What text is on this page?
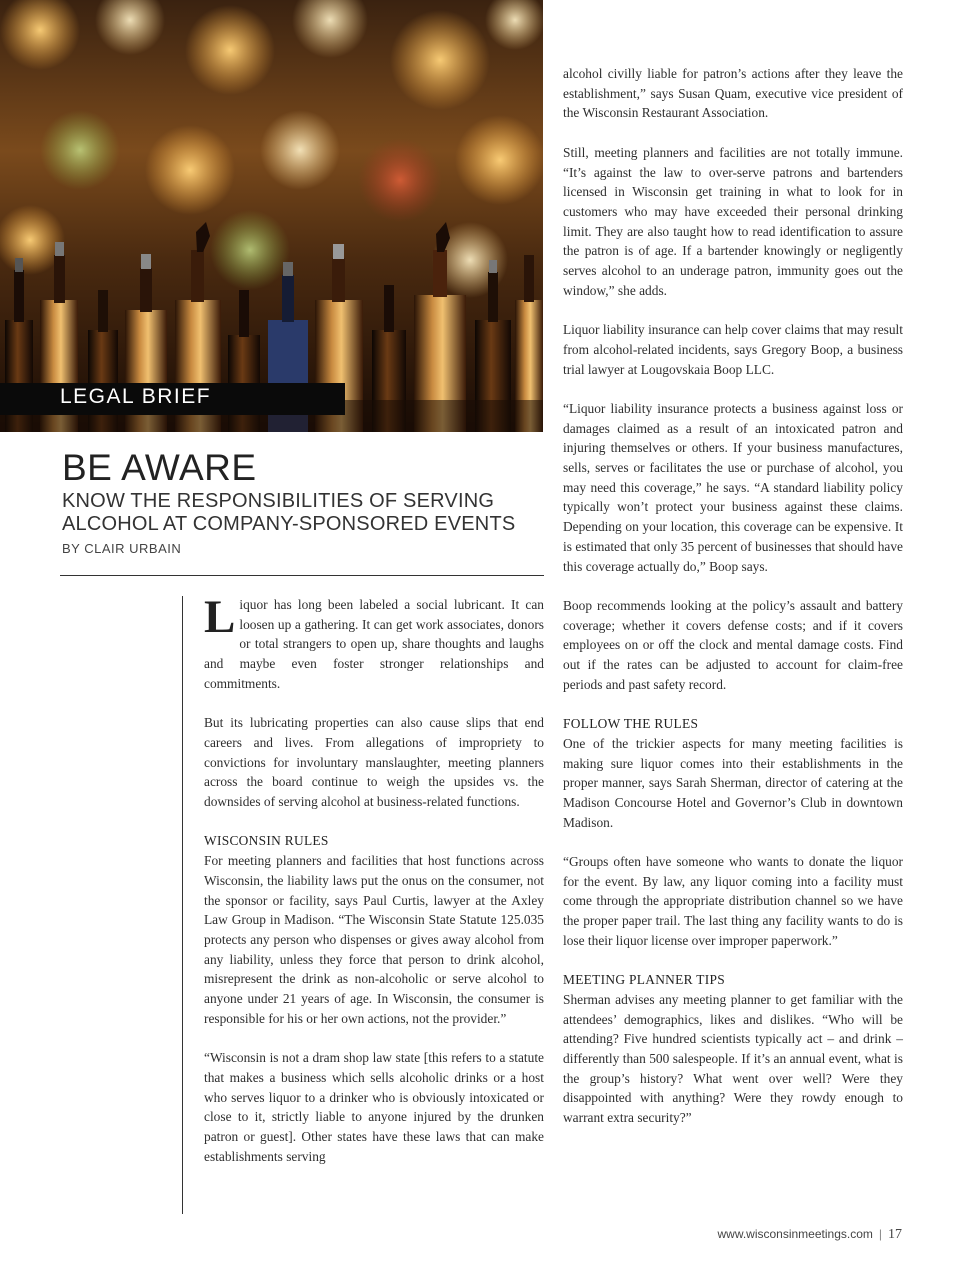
LEGAL BRIEF
BE AWARE
KNOW THE RESPONSIBILITIES OF SERVING ALCOHOL AT COMPANY-SPONSORED EVENTS
BY CLAIR URBAIN

Liquor has long been labeled a social lubricant. It can loosen up a gathering. It can get work associates, donors or total strangers to open up, share thoughts and laughs and maybe even foster stronger relationships and commitments.

But its lubricating properties can also cause slips that end careers and lives. From allegations of impropriety to convictions for involuntary manslaughter, meeting planners across the board continue to weigh the upsides vs. the downsides of serving alcohol at business-related functions.

WISCONSIN RULES

For meeting planners and facilities that host functions across Wisconsin, the liability laws put the onus on the consumer, not the sponsor or facility, says Paul Curtis, lawyer at the Axley Law Group in Madison. “The Wisconsin State Statute 125.035 protects any person who dispenses or gives away alcohol from any liability, unless they force that person to drink alcohol, misrepresent the drink as non-alcoholic or serve alcohol to anyone under 21 years of age. In Wisconsin, the consumer is responsible for his or her own actions, not the provider.”

“Wisconsin is not a dram shop law state [this refers to a statute that makes a business which sells alcoholic drinks or a host who serves liquor to a drinker who is obviously intoxicated or close to it, strictly liable to anyone injured by the drunken patron or guest]. Other states have these laws that can make establishments serving

alcohol civilly liable for patron’s actions after they leave the establishment,” says Susan Quam, executive vice president of the Wisconsin Restaurant Association.

Still, meeting planners and facilities are not totally immune. “It’s against the law to over-serve patrons and bartenders licensed in Wisconsin get training in what to look for in customers who may have exceeded their personal drinking limit. They are also taught how to read identification to assure the patron is of age. If a bartender knowingly or negligently serves alcohol to an underage patron, immunity goes out the window,” she adds.

Liquor liability insurance can help cover claims that may result from alcohol-related incidents, says Gregory Boop, a business trial lawyer at Lougovskaia Boop LLC.

“Liquor liability insurance protects a business against loss or damages claimed as a result of an intoxicated patron and injuring themselves or others. If your business manufactures, sells, serves or facilitates the use or purchase of alcohol, you may need this coverage,” he says. “A standard liability policy typically won’t protect your business against these claims. Depending on your location, this coverage can be expensive. It is estimated that only 35 percent of businesses that should have this coverage actually do,” Boop says.

Boop recommends looking at the policy’s assault and battery coverage; whether it covers defense costs; and if it covers employees on or off the clock and mental damage costs. Find out if the rates can be adjusted to account for claim-free periods and past safety record.

FOLLOW THE RULES

One of the trickier aspects for many meeting facilities is making sure liquor comes into their establishments in the proper manner, says Sarah Sherman, director of catering at the Madison Concourse Hotel and Governor’s Club in downtown Madison.

“Groups often have someone who wants to donate the liquor for the event. By law, any liquor coming into a facility must come through the appropriate distribution channel so we have the proper paper trail. The last thing any facility wants to do is lose their liquor license over improper paperwork.”

MEETING PLANNER TIPS

Sherman advises any meeting planner to get familiar with the attendees’ demographics, likes and dislikes. “Who will be attending? Five hundred scientists typically act – and drink – differently than 500 salespeople. If it’s an annual event, what is the group’s history? What went over well? Were they disappointed with anything? Were they rowdy enough to warrant extra security?”

www.wisconsinmeetings.com | 17
